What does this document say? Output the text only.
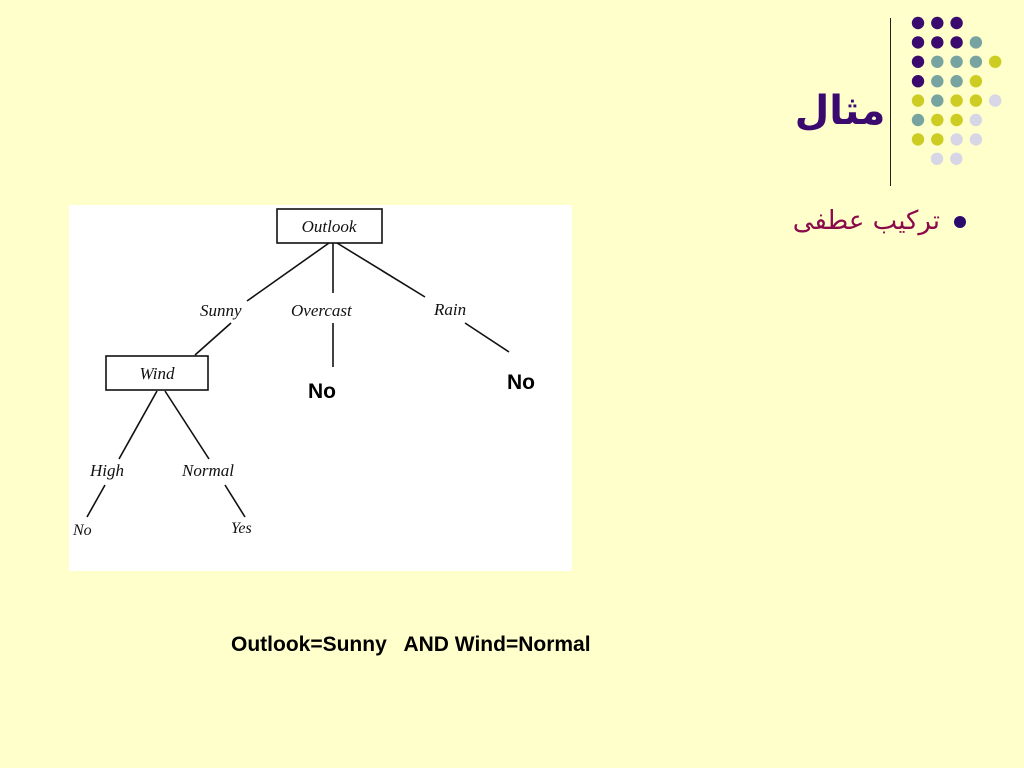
مثال
ترکیب عطفی
Outlook
Sunny	Overcast	Rain
Wind
High	Normal
No	Yes
No	No
Outlook=Sunny   AND Wind=Normal
